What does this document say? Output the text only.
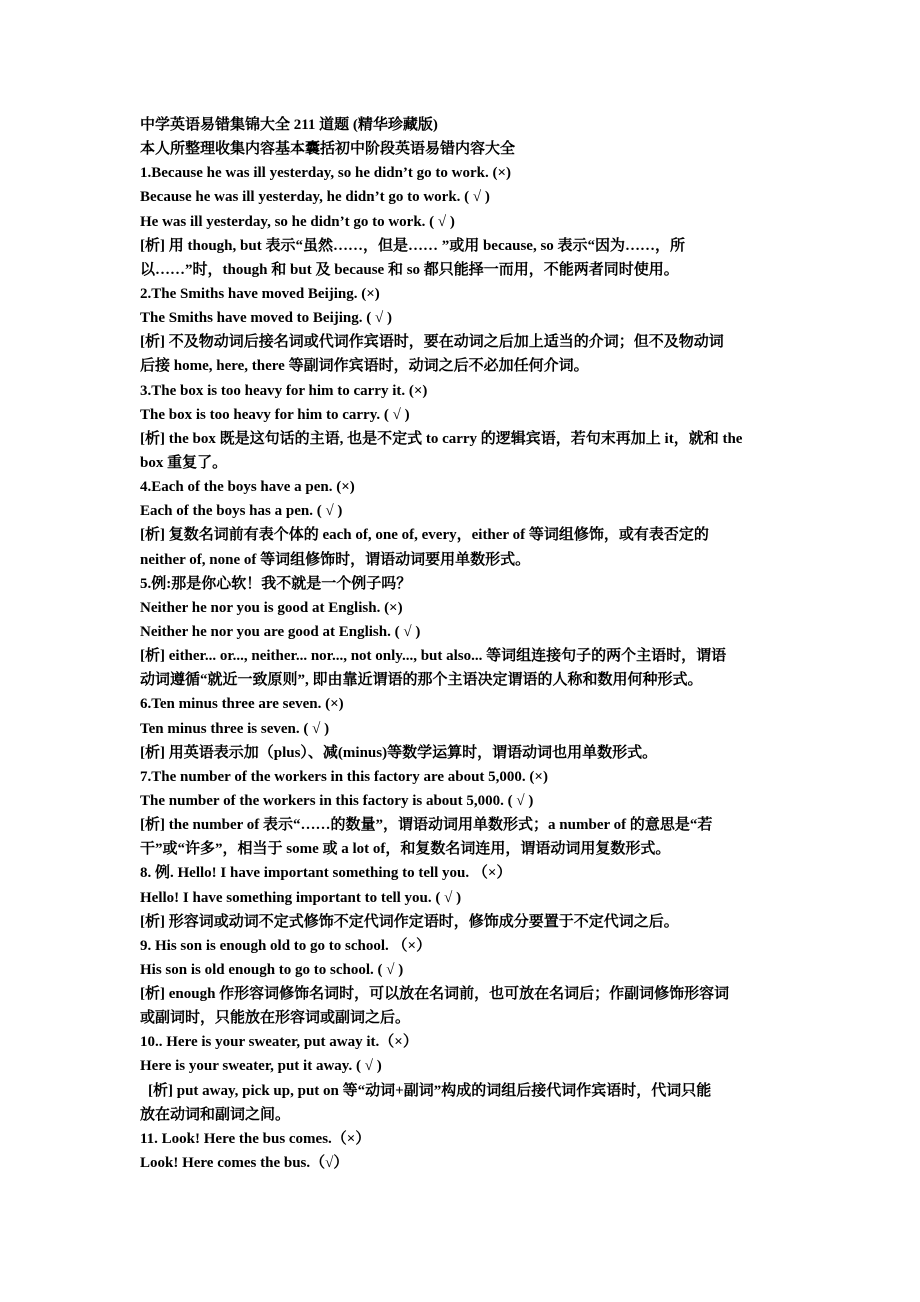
中学英语易错集锦大全 211 道题 (精华珍藏版)
本人所整理收集内容基本囊括初中阶段英语易错内容大全
1.Because he was ill yesterday, so he didn’t go to work. (×)
Because he was ill yesterday, he didn’t go to work. ( √ )
He was ill yesterday, so he didn’t go to work. ( √ )
[析] 用 though, but 表示“虽然……，但是…… ”或用 because, so 表示“因为……，所
以……”时，though 和 but 及 because 和 so 都只能择一而用，不能两者同时使用。
2.The Smiths have moved Beijing. (×)
The Smiths have moved to Beijing. ( √ )
[析] 不及物动词后接名词或代词作宾语时，要在动词之后加上适当的介词；但不及物动词
后接 home, here, there 等副词作宾语时，动词之后不必加任何介词。
3.The box is too heavy for him to carry it. (×)
The box is too heavy for him to carry. ( √ )
[析] the box 既是这句话的主语, 也是不定式 to carry 的逻辑宾语，若句末再加上 it，就和 the
box 重复了。
4.Each of the boys have a pen. (×)
Each of the boys has a pen. ( √ )
[析] 复数名词前有表个体的 each of, one of, every，either of 等词组修饰，或有表否定的
neither of, none of 等词组修饰时，谓语动词要用单数形式。
5.例:那是你心软！我不就是一个例子吗？
Neither he nor you is good at English. (×)
Neither he nor you are good at English. ( √ )
[析] either... or..., neither... nor..., not only..., but also... 等词组连接句子的两个主语时，谓语
动词遵循“就近一致原则”, 即由靠近谓语的那个主语决定谓语的人称和数用何种形式。
6.Ten minus three are seven. (×)
Ten minus three is seven. ( √ )
[析] 用英语表示加（plus）、减(minus)等数学运算时，谓语动词也用单数形式。
7.The number of the workers in this factory are about 5,000. (×)
The number of the workers in this factory is about 5,000. ( √ )
[析] the number of 表示“……的数量”，谓语动词用单数形式；a number of 的意思是“若
干”或“许多”，相当于 some 或 a lot of，和复数名词连用，谓语动词用复数形式。
8. 例. Hello! I have important something to tell you. （×）
Hello! I have something important to tell you. ( √ )
[析] 形容词或动词不定式修饰不定代词作定语时，修饰成分要置于不定代词之后。
9. His son is enough old to go to school. （×）
His son is old enough to go to school. ( √ )
[析] enough 作形容词修饰名词时，可以放在名词前，也可放在名词后；作副词修饰形容词
或副词时，只能放在形容词或副词之后。
10.. Here is your sweater, put away it.（×）
Here is your sweater, put it away. ( √ )
[析] put away, pick up, put on 等“动词+副词”构成的词组后接代词作宾语时，代词只能
放在动词和副词之间。
11. Look! Here the bus comes.（×）
Look! Here comes the bus.（√）
